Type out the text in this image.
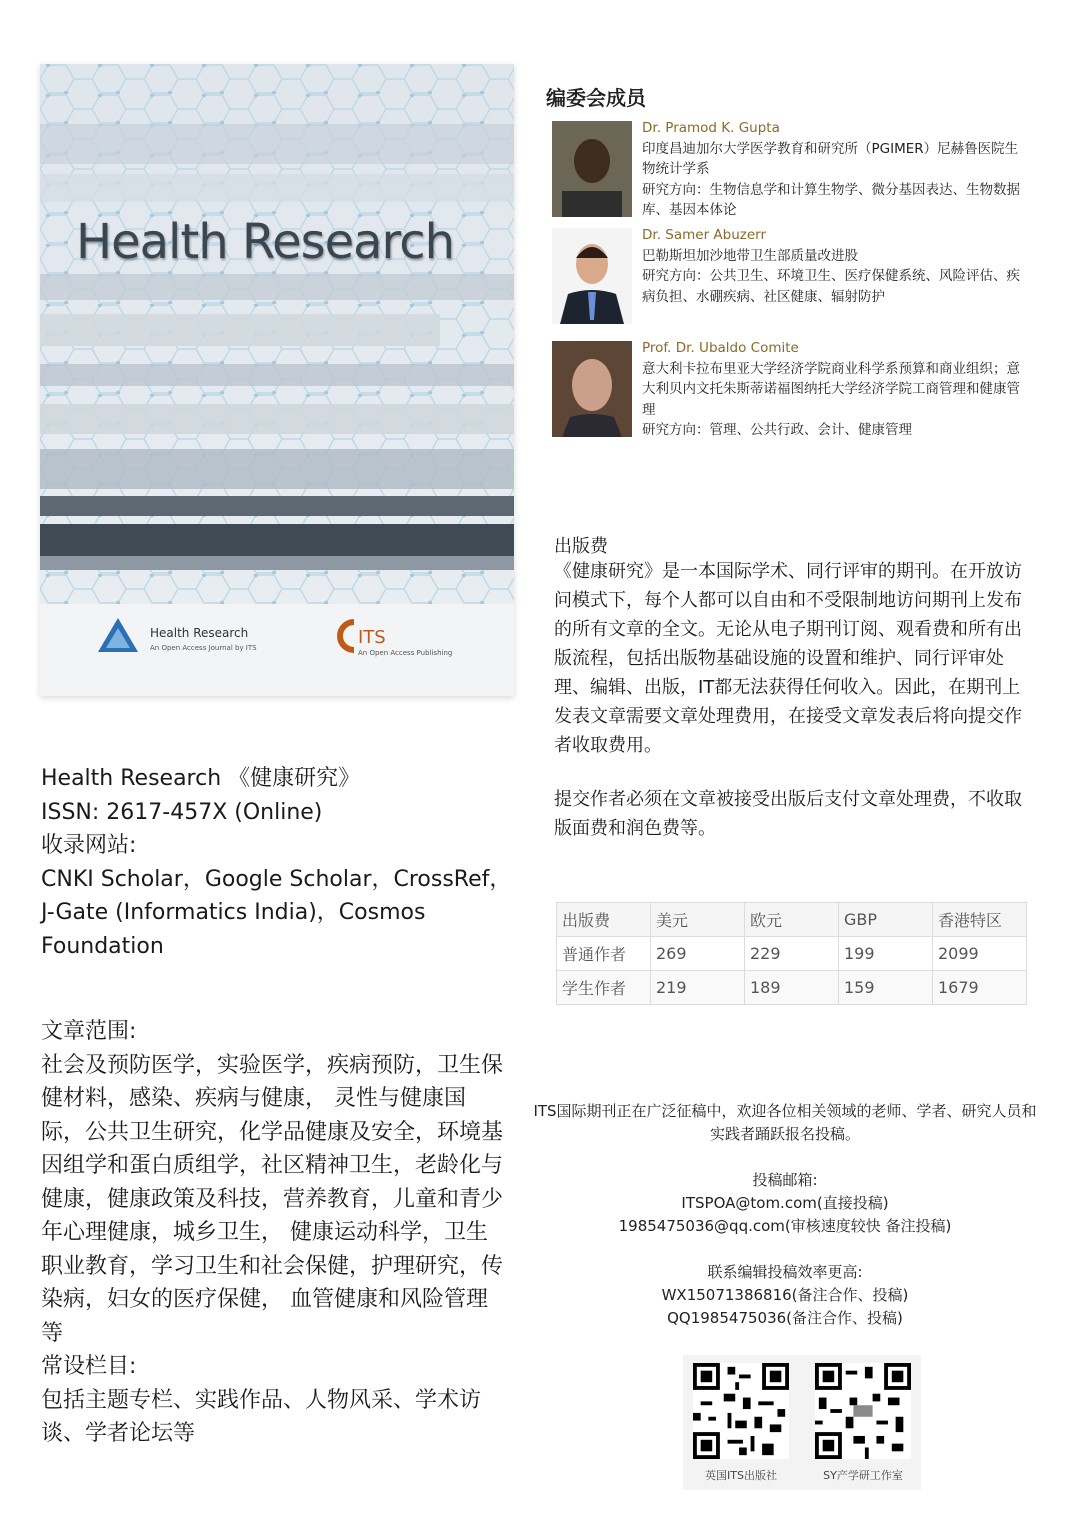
Health Research
Health Research
An Open Access Journal by ITS	ITS
An Open Access Publishing
Health Research 《健康研究》
ISSN: 2617-457X (Online)
收录网站:
CNKI Scholar，Google Scholar，CrossRef，
J-Gate (Informatics India)，Cosmos
Foundation

文章范围:

社会及预防医学，实验医学，疾病预防，卫生保健材料，感染、疾病与健康， 灵性与健康国际，公共卫生研究，化学品健康及安全，环境基因组学和蛋白质组学，社区精神卫生，老龄化与健康，健康政策及科技，营养教育，儿童和青少年心理健康，城乡卫生， 健康运动科学，卫生职业教育，学习卫生和社会保健，护理研究，传染病，妇女的医疗保健， 血管健康和风险管理等

常设栏目:

包括主题专栏、实践作品、人物风采、学术访谈、学者论坛等

编委会成员
Dr. Pramod K. Gupta
印度昌迪加尔大学医学教育和研究所（PGIMER）尼赫鲁医院生物统计学系
研究方向：生物信息学和计算生物学、微分基因表达、生物数据库、基因本体论
Dr. Samer Abuzerr
巴勒斯坦加沙地带卫生部质量改进股
研究方向：公共卫生、环境卫生、医疗保健系统、风险评估、疾病负担、水硼疾病、社区健康、辐射防护
Prof. Dr. Ubaldo Comite
意大利卡拉布里亚大学经济学院商业科学系预算和商业组织；意大利贝内文托朱斯蒂诺福图纳托大学经济学院工商管理和健康管理
研究方向：管理、公共行政、会计、健康管理
出版费

《健康研究》是一本国际学术、同行评审的期刊。在开放访问模式下，每个人都可以自由和不受限制地访问期刊上发布的所有文章的全文。无论从电子期刊订阅、观看费和所有出版流程，包括出版物基础设施的设置和维护、同行评审处理、编辑、出版，IT都无法获得任何收入。因此，在期刊上发表文章需要文章处理费用，在接受文章发表后将向提交作者收取费用。

提交作者必须在文章被接受出版后支付文章处理费，不收取版面费和润色费等。

出版费	美元	欧元	GBP	香港特区
普通作者	269	229	199	2099
学生作者	219	189	159	1679
ITS国际期刊正在广泛征稿中，欢迎各位相关领域的老师、学者、研究人员和实践者踊跃报名投稿。
投稿邮箱:
ITSPOA@tom.com(直接投稿)
1985475036@qq.com(审核速度较快 备注投稿)
联系编辑投稿效率更高:
WX15071386816(备注合作、投稿)
QQ1985475036(备注合作、投稿)
英国ITS出版社	SY产学研工作室
